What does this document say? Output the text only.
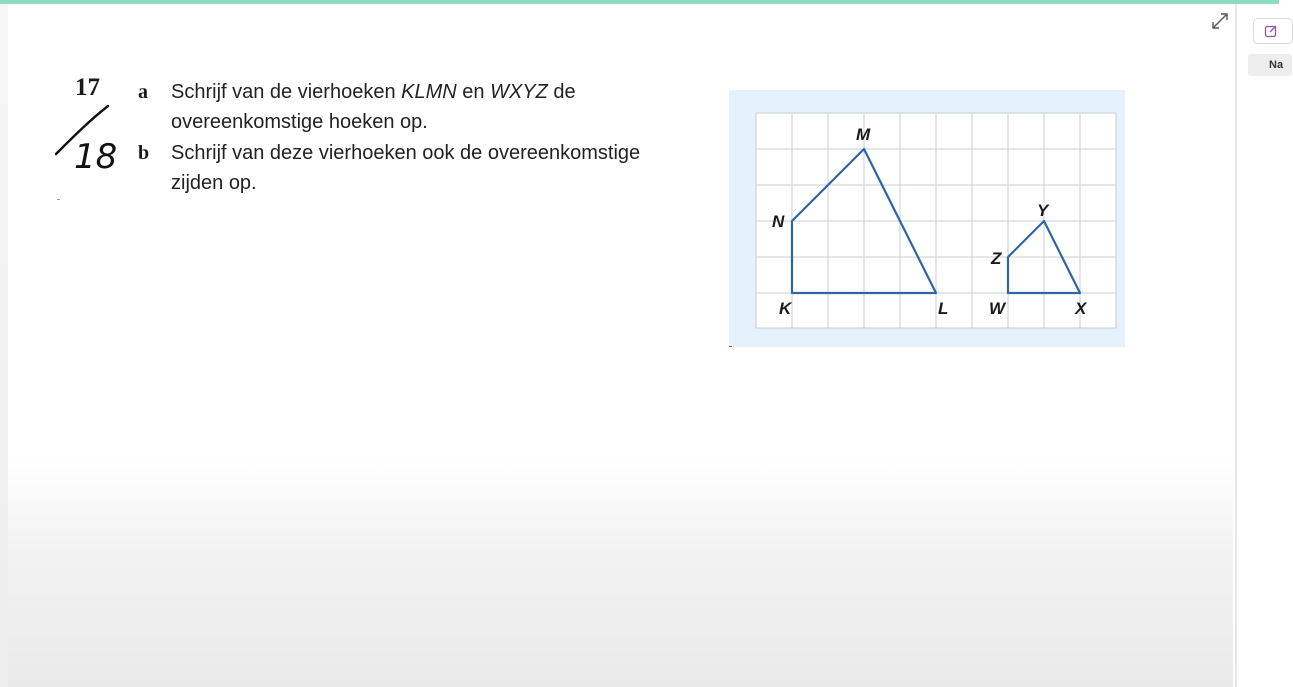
17
18
a Schrijf van de vierhoeken KLMN en WXYZ de
overeenkomstige hoeken op.
b Schrijf van deze vierhoeken ook de overeenkomstige
zijden op.
M
N
K	L
Y
Z
W	X
Na
